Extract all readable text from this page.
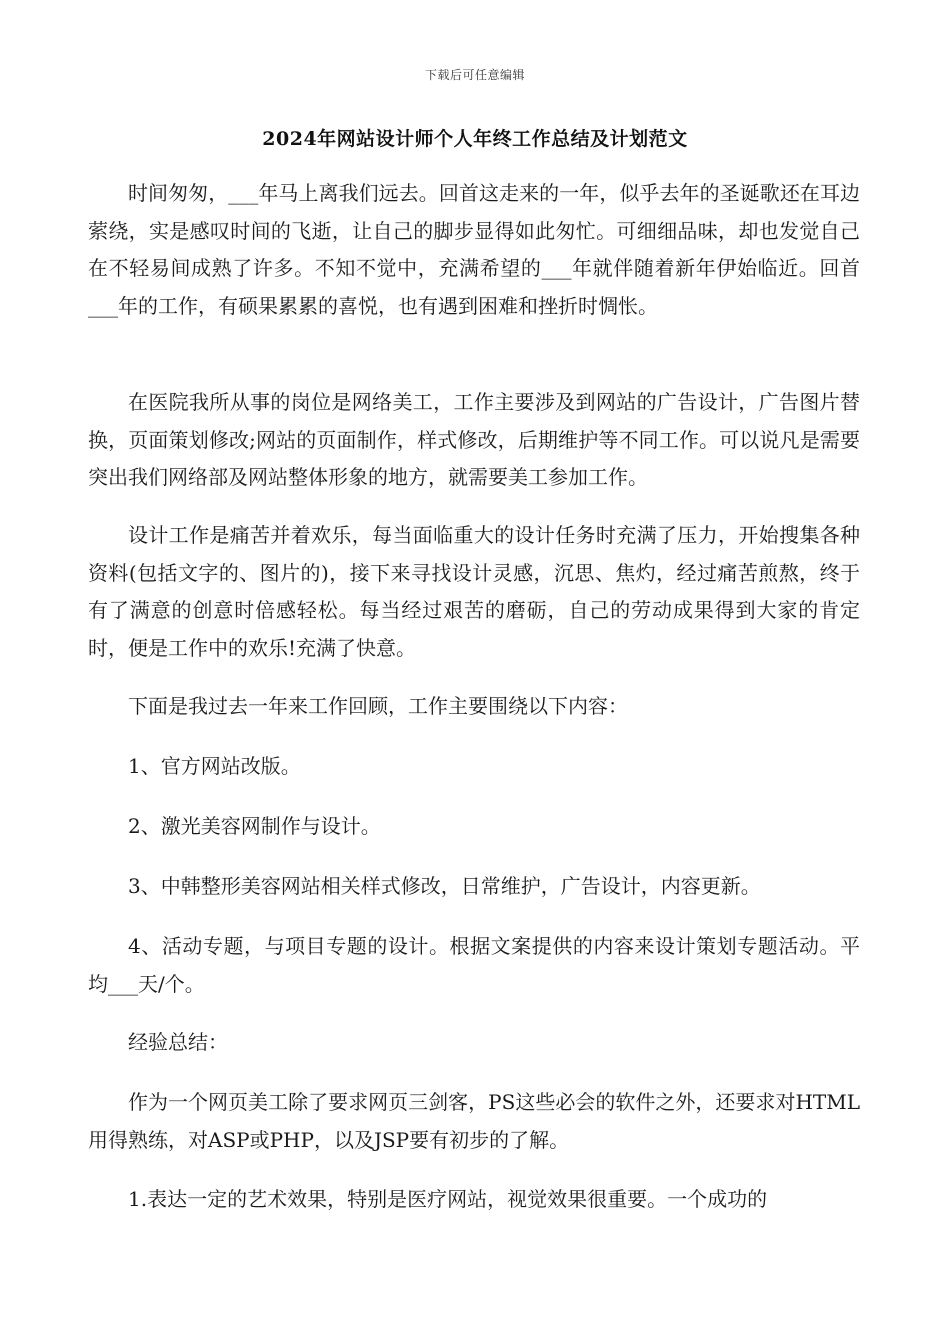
下载后可任意编辑
2024年网站设计师个人年终工作总结及计划范文

时间匆匆，___年马上离我们远去。回首这走来的一年，似乎去年的圣诞歌还在耳边萦绕，实是感叹时间的飞逝，让自己的脚步显得如此匆忙。可细细品味，却也发觉自己在不轻易间成熟了许多。不知不觉中，充满希望的___年就伴随着新年伊始临近。回首___年的工作，有硕果累累的喜悦，也有遇到困难和挫折时惆怅。

在医院我所从事的岗位是网络美工，工作主要涉及到网站的广告设计，广告图片替换，页面策划修改;网站的页面制作，样式修改，后期维护等不同工作。可以说凡是需要突出我们网络部及网站整体形象的地方，就需要美工参加工作。

设计工作是痛苦并着欢乐，每当面临重大的设计任务时充满了压力，开始搜集各种资料(包括文字的、图片的)，接下来寻找设计灵感，沉思、焦灼，经过痛苦煎熬，终于有了满意的创意时倍感轻松。每当经过艰苦的磨砺，自己的劳动成果得到大家的肯定时，便是工作中的欢乐!充满了快意。

下面是我过去一年来工作回顾，工作主要围绕以下内容：

1、官方网站改版。

2、激光美容网制作与设计。

3、中韩整形美容网站相关样式修改，日常维护，广告设计，内容更新。

4、活动专题，与项目专题的设计。根据文案提供的内容来设计策划专题活动。平均___天/个。

经验总结：

作为一个网页美工除了要求网页三剑客，PS这些必会的软件之外，还要求对HTML用得熟练，对ASP或PHP，以及JSP要有初步的了解。

1.表达一定的艺术效果，特别是医疗网站，视觉效果很重要。一个成功的
